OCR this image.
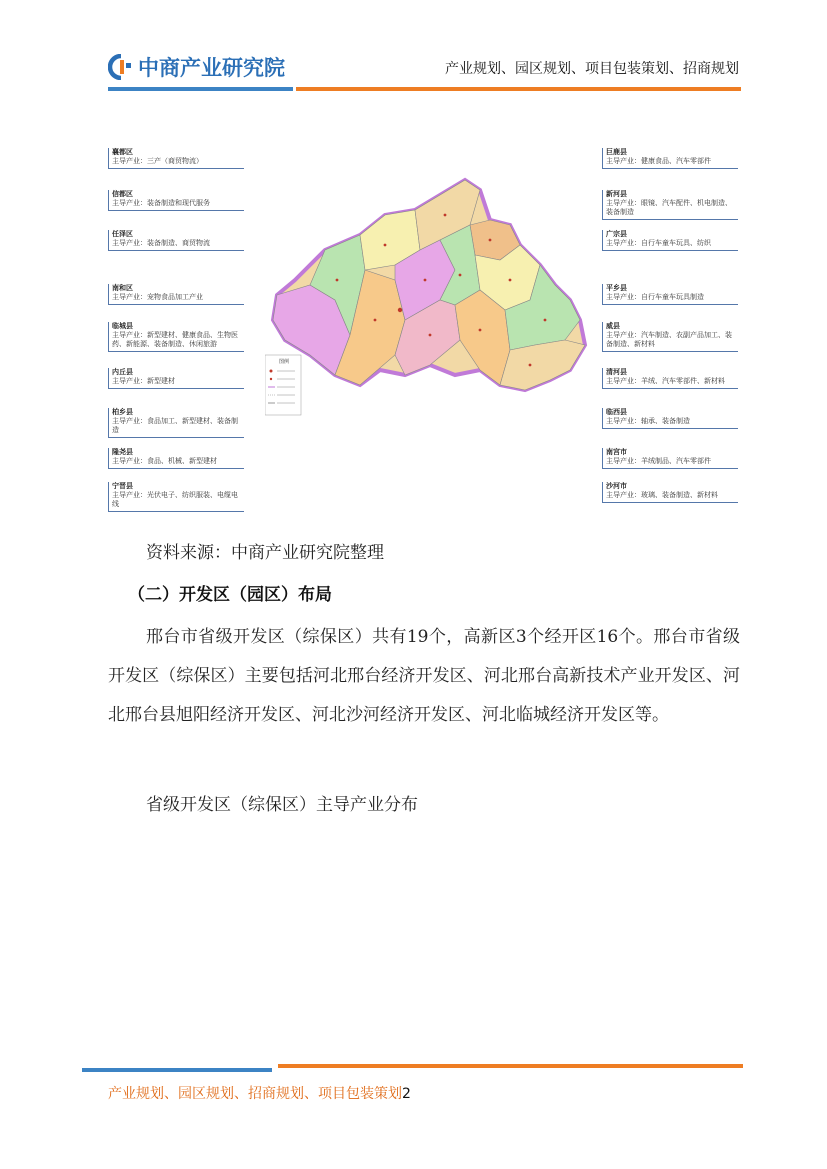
中商产业研究院	产业规划、园区规划、项目包装策划、招商规划
襄都区
主导产业：三产（商贸物流）
信都区
主导产业：装备制造和现代服务
任泽区
主导产业：装备制造、商贸物流
南和区
主导产业：宠物食品加工产业
临城县
主导产业：新型建材、健康食品、生物医药、新能源、装备制造、休闲旅游
内丘县
主导产业：新型建材
柏乡县
主导产业：食品加工、新型建材、装备制造
隆尧县
主导产业：食品、机械、新型建材
宁晋县
主导产业：光伏电子、纺织服装、电缆电线
巨鹿县
主导产业：健康食品、汽车零部件
新河县
主导产业：眼镜、汽车配件、机电制造、装备制造
广宗县
主导产业：自行车童车玩具、纺织
平乡县
主导产业：自行车童车玩具制造
威县
主导产业：汽车制造、农副产品加工、装备制造、新材料
清河县
主导产业：羊绒、汽车零部件、新材料
临西县
主导产业：轴承、装备制造
南宫市
主导产业：羊绒制品、汽车零部件
沙河市
主导产业：玻璃、装备制造、新材料
图例
资料来源：中商产业研究院整理
（二）开发区（园区）布局
邢台市省级开发区（综保区）共有19个，高新区3个经开区16个。邢台市省级开发区（综保区）主要包括河北邢台经济开发区、河北邢台高新技术产业开发区、河北邢台县旭阳经济开发区、河北沙河经济开发区、河北临城经济开发区等。
省级开发区（综保区）主导产业分布
产业规划、园区规划、招商规划、项目包装策划2
